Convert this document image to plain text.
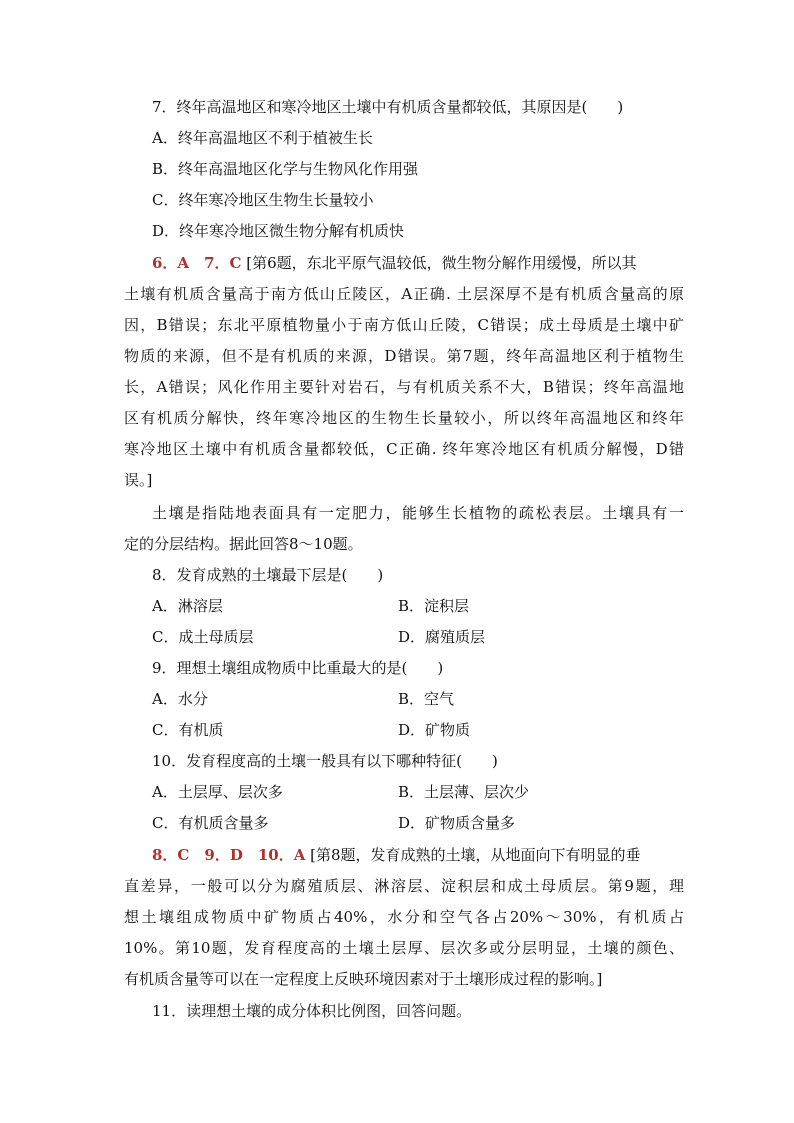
7．终年高温地区和寒冷地区土壤中有机质含量都较低，其原因是(　　)
A．终年高温地区不利于植被生长
B．终年高温地区化学与生物风化作用强
C．终年寒冷地区生物生长量较小
D．终年寒冷地区微生物分解有机质快
6．A　7．C [第6题，东北平原气温较低，微生物分解作用缓慢，所以其
土壤有机质含量高于南方低山丘陵区，A正确. 土层深厚不是有机质含量高的原
因，B错误；东北平原植物量小于南方低山丘陵，C错误；成土母质是土壤中矿
物质的来源，但不是有机质的来源，D错误。第7题，终年高温地区利于植物生
长，A错误；风化作用主要针对岩石，与有机质关系不大，B错误；终年高温地
区有机质分解快，终年寒冷地区的生物生长量较小，所以终年高温地区和终年
寒冷地区土壤中有机质含量都较低，C正确. 终年寒冷地区有机质分解慢，D错
误。]
土壤是指陆地表面具有一定肥力，能够生长植物的疏松表层。土壤具有一
定的分层结构。据此回答8～10题。
8．发育成熟的土壤最下层是(　　)
A．淋溶层	B．淀积层
C．成土母质层	D．腐殖质层
9．理想土壤组成物质中比重最大的是(　　)
A．水分	B．空气
C．有机质	D．矿物质
10．发育程度高的土壤一般具有以下哪种特征(　　)
A．土层厚、层次多	B．土层薄、层次少
C．有机质含量多	D．矿物质含量多
8．C　9．D　10．A [第8题，发育成熟的土壤，从地面向下有明显的垂
直差异，一般可以分为腐殖质层、淋溶层、淀积层和成土母质层。第9题，理
想土壤组成物质中矿物质占40%，水分和空气各占20%～30%，有机质占
10%。第10题，发育程度高的土壤土层厚、层次多或分层明显，土壤的颜色、
有机质含量等可以在一定程度上反映环境因素对于土壤形成过程的影响。]
11．读理想土壤的成分体积比例图，回答问题。
